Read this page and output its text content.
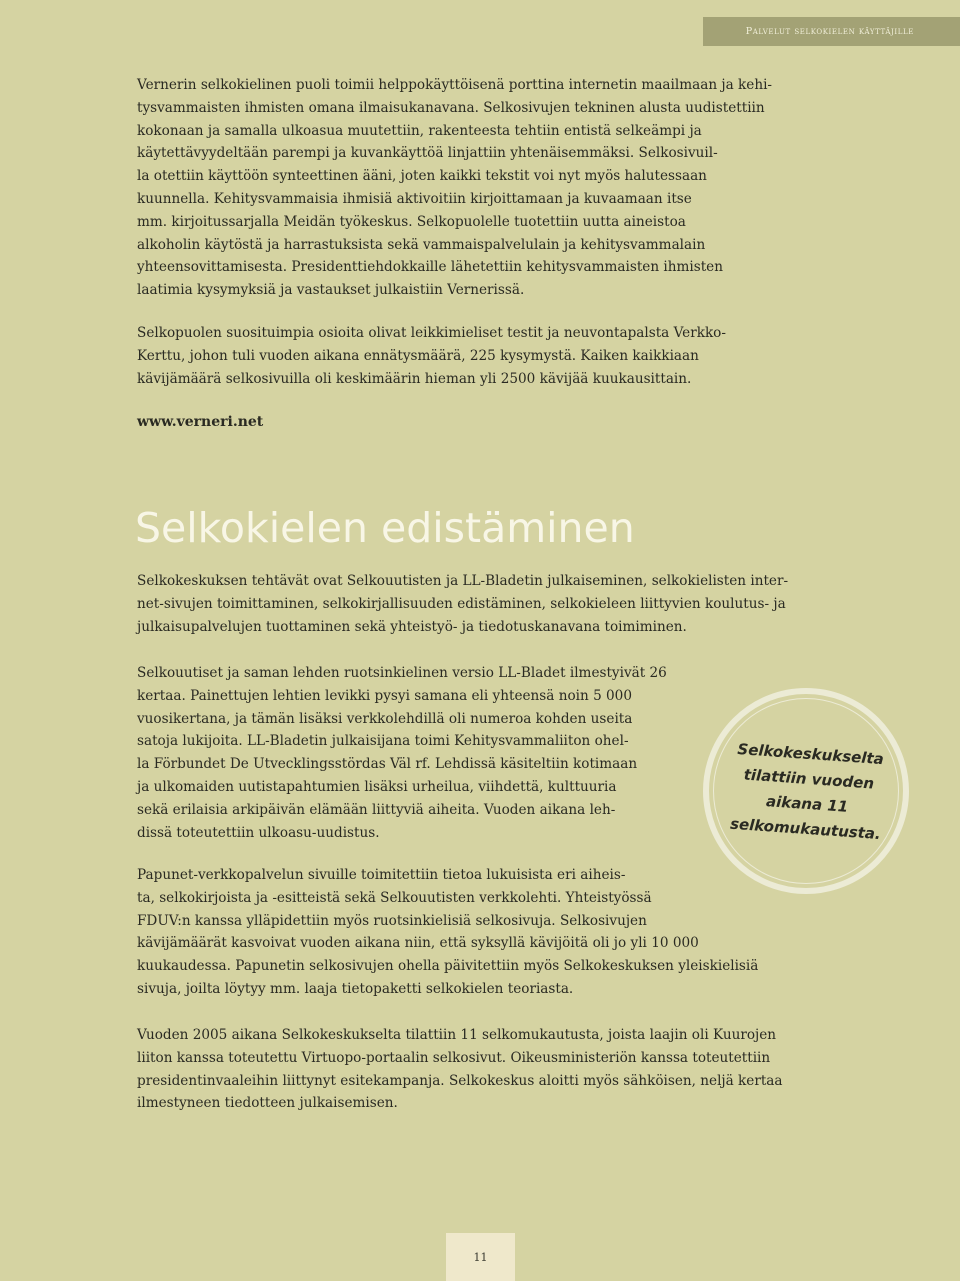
Palvelut selkokielen käyttäjille
Vernerin selkokielinen puoli toimii helppokäyttöisenä porttina internetin maailmaan ja kehi-
tysvammaisten ihmisten omana ilmaisukanavana. Selkosivujen tekninen alusta uudistettiin
kokonaan ja samalla ulkoasua muutettiin, rakenteesta tehtiin entistä selkeämpi ja
käytettävyydeltään parempi ja kuvankäyttöä linjattiin yhtenäisemmäksi. Selkosivuil-
la otettiin käyttöön synteettinen ääni, joten kaikki tekstit voi nyt myös halutessaan
kuunnella. Kehitysvammaisia ihmisiä aktivoitiin kirjoittamaan ja kuvaamaan itse
mm. kirjoitussarjalla Meidän työkeskus. Selkopuolelle tuotettiin uutta aineistoa
alkoholin käytöstä ja harrastuksista sekä vammaispalvelulain ja kehitysvammalain
yhteensovittamisesta. Presidenttiehdokkaille lähetettiin kehitysvammaisten ihmisten
laatimia kysymyksiä ja vastaukset julkaistiin Vernerissä.
Selkopuolen suosituimpia osioita olivat leikkimieliset testit ja neuvontapalsta Verkko-
Kerttu, johon tuli vuoden aikana ennätysmäärä, 225 kysymystä. Kaiken kaikkiaan
kävijämäärä selkosivuilla oli keskimäärin hieman yli 2500 kävijää kuukausittain.
www.verneri.net
Selkokielen edistäminen
Selkokeskuksen tehtävät ovat Selkouutisten ja LL-Bladetin julkaiseminen, selkokielisten inter-
net-sivujen toimittaminen, selkokirjallisuuden edistäminen, selkokieleen liittyvien koulutus- ja
julkaisupalvelujen tuottaminen sekä yhteistyö- ja tiedotuskanavana toimiminen.
Selkouutiset ja saman lehden ruotsinkielinen versio LL-Bladet ilmestyivät 26
kertaa. Painettujen lehtien levikki pysyi samana eli yhteensä noin 5 000
vuosikertana, ja tämän lisäksi verkkolehdillä oli numeroa kohden useita
satoja lukijoita. LL-Bladetin julkaisijana toimi Kehitysvammaliiton ohel-
la Förbundet De Utvecklingsstördas Väl rf. Lehdissä käsiteltiin kotimaan
ja ulkomaiden uutistapahtumien lisäksi urheilua, viihdettä, kulttuuria
sekä erilaisia arkipäivän elämään liittyviä aiheita. Vuoden aikana leh-
dissä toteutettiin ulkoasu-uudistus.
Selkokeskukselta
tilattiin vuoden
aikana 11
selkomukautusta.
Papunet-verkkopalvelun sivuille toimitettiin tietoa lukuisista eri aiheis-
ta, selkokirjoista ja -esitteistä sekä Selkouutisten verkkolehti. Yhteistyössä
FDUV:n kanssa ylläpidettiin myös ruotsinkielisiä selkosivuja. Selkosivujen
kävijämäärät kasvoivat vuoden aikana niin, että syksyllä kävijöitä oli jo yli 10 000
kuukaudessa. Papunetin selkosivujen ohella päivitettiin myös Selkokeskuksen yleiskielisiä
sivuja, joilta löytyy mm. laaja tietopaketti selkokielen teoriasta.
Vuoden 2005 aikana Selkokeskukselta tilattiin 11 selkomukautusta, joista laajin oli Kuurojen
liiton kanssa toteutettu Virtuopo-portaalin selkosivut. Oikeusministeriön kanssa toteutettiin
presidentinvaaleihin liittynyt esitekampanja. Selkokeskus aloitti myös sähköisen, neljä kertaa
ilmestyneen tiedotteen julkaisemisen.
11
